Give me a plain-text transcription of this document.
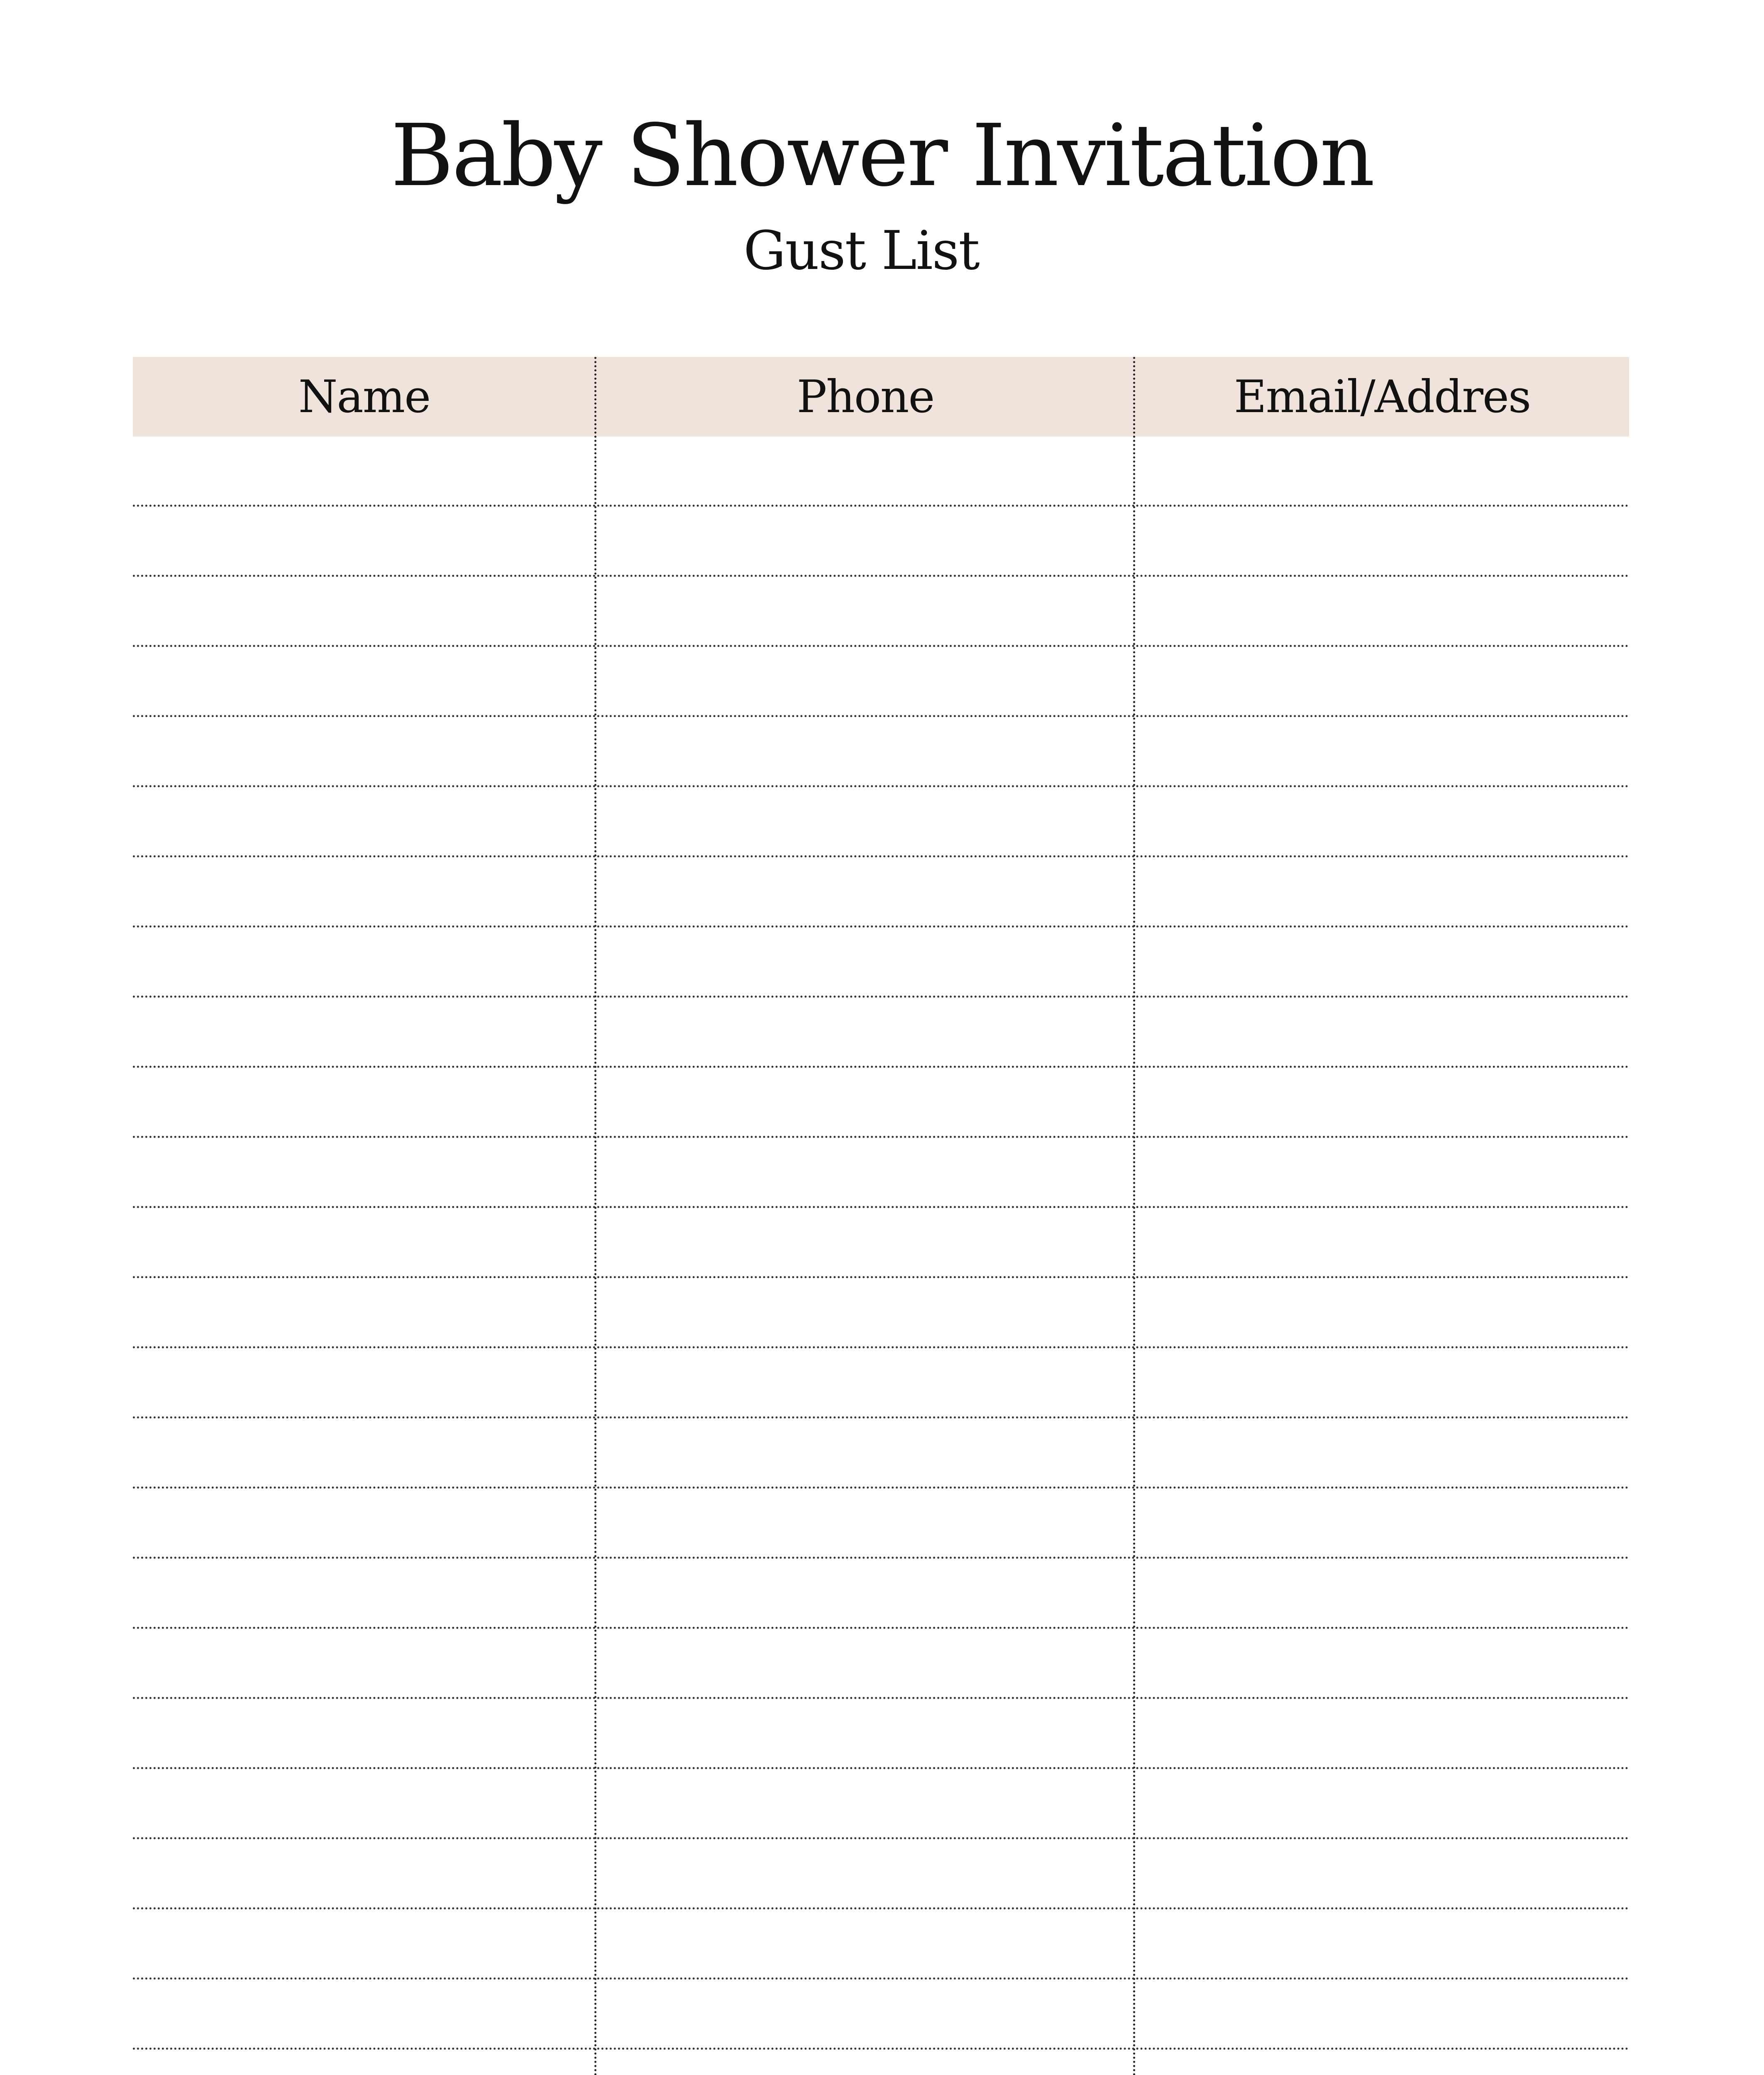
Baby Shower Invitation
Gust List
Name	Phone	Email/Addres
